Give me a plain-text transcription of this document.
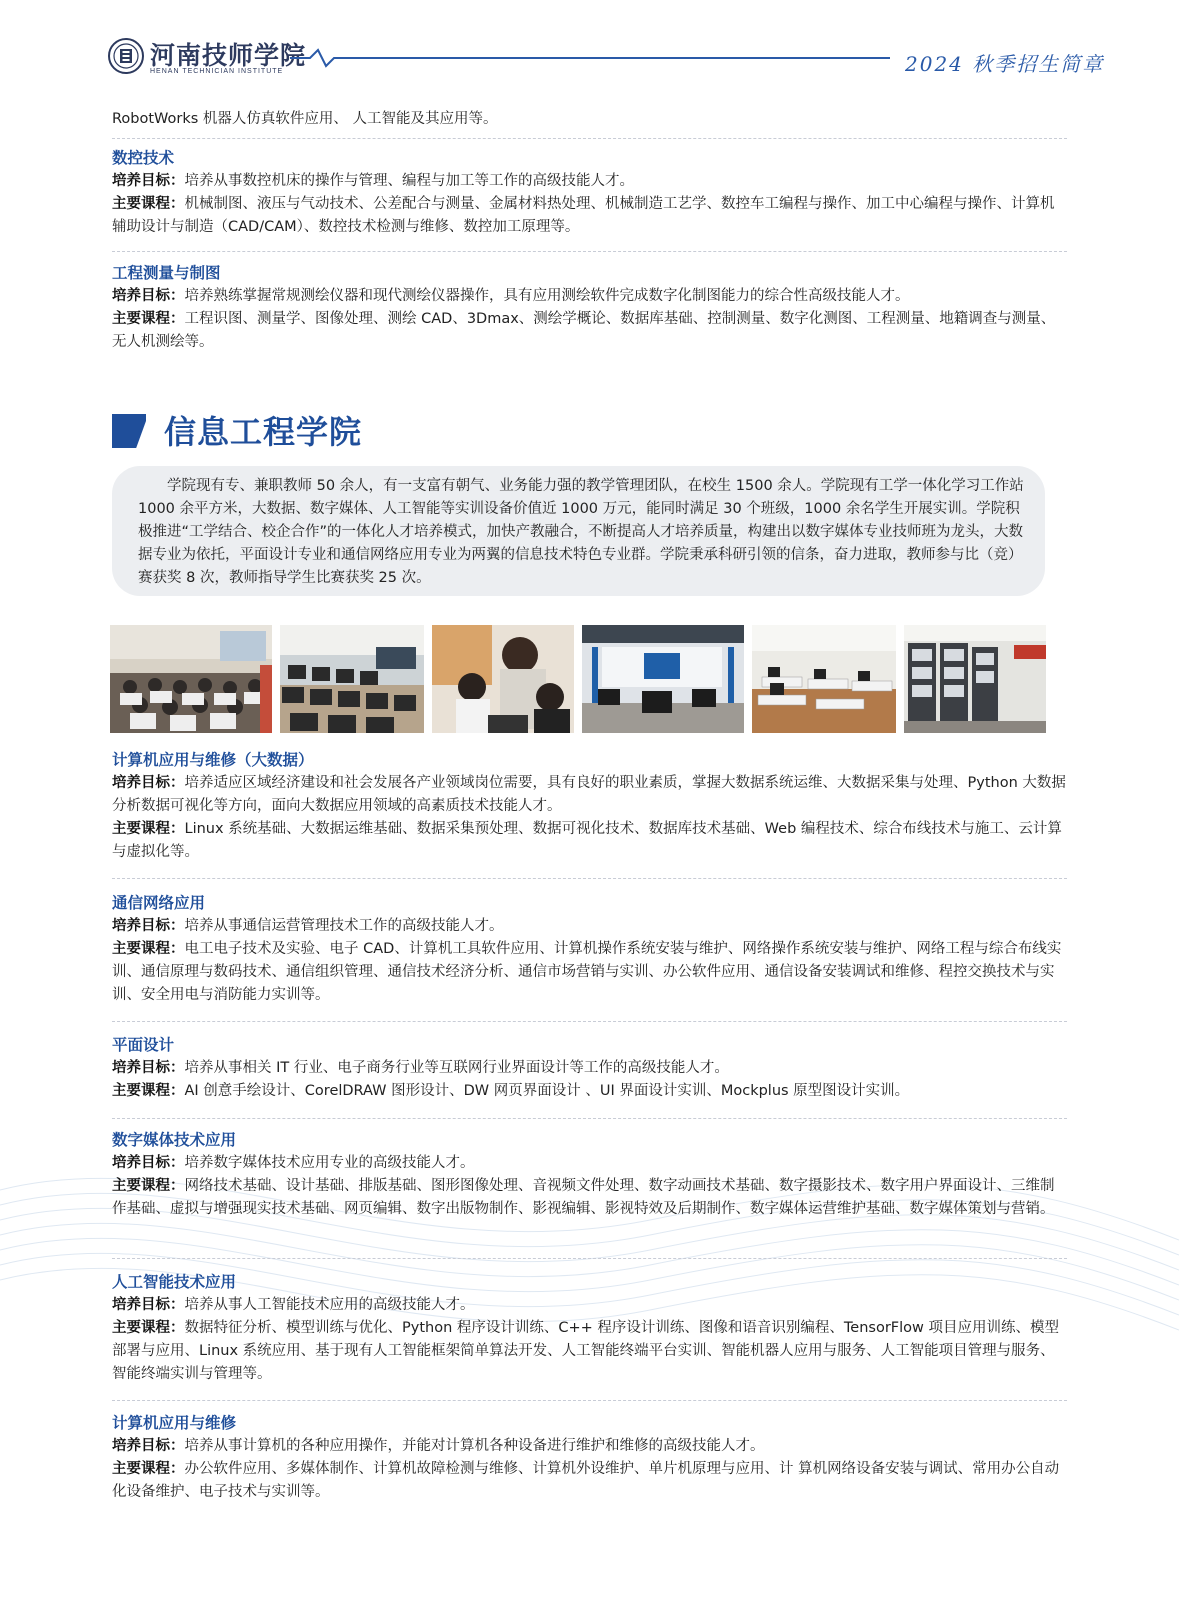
河南技师学院
HENAN TECHNICIAN INSTITUTE	2024 秋季招生简章
RobotWorks 机器人仿真软件应用、 人工智能及其应用等。
数控技术
培养目标：培养从事数控机床的操作与管理、编程与加工等工作的高级技能人才。
主要课程：机械制图、液压与气动技术、公差配合与测量、金属材料热处理、机械制造工艺学、数控车工编程与操作、加工中心编程与操作、计算机辅助设计与制造（CAD/CAM）、数控技术检测与维修、数控加工原理等。
工程测量与制图
培养目标：培养熟练掌握常规测绘仪器和现代测绘仪器操作，具有应用测绘软件完成数字化制图能力的综合性高级技能人才。
主要课程：工程识图、测量学、图像处理、测绘 CAD、3Dmax、测绘学概论、数据库基础、控制测量、数字化测图、工程测量、地籍调查与测量、无人机测绘等。
信息工程学院
学院现有专、兼职教师 50 余人，有一支富有朝气、业务能力强的教学管理团队，在校生 1500 余人。学院现有工学一体化学习工作站 1000 余平方米，大数据、数字媒体、人工智能等实训设备价值近 1000 万元，能同时满足 30 个班级，1000 余名学生开展实训。学院积极推进“工学结合、校企合作”的一体化人才培养模式，加快产教融合，不断提高人才培养质量，构建出以数字媒体专业技师班为龙头，大数据专业为依托，平面设计专业和通信网络应用专业为两翼的信息技术特色专业群。学院秉承科研引领的信条，奋力进取，教师参与比（竞）赛获奖 8 次，教师指导学生比赛获奖 25 次。
计算机应用与维修（大数据）
培养目标：培养适应区域经济建设和社会发展各产业领域岗位需要，具有良好的职业素质，掌握大数据系统运维、大数据采集与处理、Python 大数据分析数据可视化等方向，面向大数据应用领域的高素质技术技能人才。
主要课程：Linux 系统基础、大数据运维基础、数据采集预处理、数据可视化技术、数据库技术基础、Web 编程技术、综合布线技术与施工、云计算与虚拟化等。
通信网络应用
培养目标：培养从事通信运营管理技术工作的高级技能人才。
主要课程：电工电子技术及实验、电子 CAD、计算机工具软件应用、计算机操作系统安装与维护、网络操作系统安装与维护、网络工程与综合布线实训、通信原理与数码技术、通信组织管理、通信技术经济分析、通信市场营销与实训、办公软件应用、通信设备安装调试和维修、程控交换技术与实训、安全用电与消防能力实训等。
平面设计
培养目标：培养从事相关 IT 行业、电子商务行业等互联网行业界面设计等工作的高级技能人才。
主要课程：AI 创意手绘设计、CorelDRAW 图形设计、DW 网页界面设计 、UI 界面设计实训、Mockplus 原型图设计实训。
数字媒体技术应用
培养目标：培养数字媒体技术应用专业的高级技能人才。
主要课程：网络技术基础、设计基础、排版基础、图形图像处理、音视频文件处理、数字动画技术基础、数字摄影技术、数字用户界面设计、三维制作基础、虚拟与增强现实技术基础、网页编辑、数字出版物制作、影视编辑、影视特效及后期制作、数字媒体运营维护基础、数字媒体策划与营销。
人工智能技术应用
培养目标：培养从事人工智能技术应用的高级技能人才。
主要课程：数据特征分析、模型训练与优化、Python 程序设计训练、C++ 程序设计训练、图像和语音识别编程、TensorFlow 项目应用训练、模型部署与应用、Linux 系统应用、基于现有人工智能框架简单算法开发、人工智能终端平台实训、智能机器人应用与服务、人工智能项目管理与服务、智能终端实训与管理等。
计算机应用与维修
培养目标：培养从事计算机的各种应用操作，并能对计算机各种设备进行维护和维修的高级技能人才。
主要课程：办公软件应用、多媒体制作、计算机故障检测与维修、计算机外设维护、单片机原理与应用、计 算机网络设备安装与调试、常用办公自动化设备维护、电子技术与实训等。
